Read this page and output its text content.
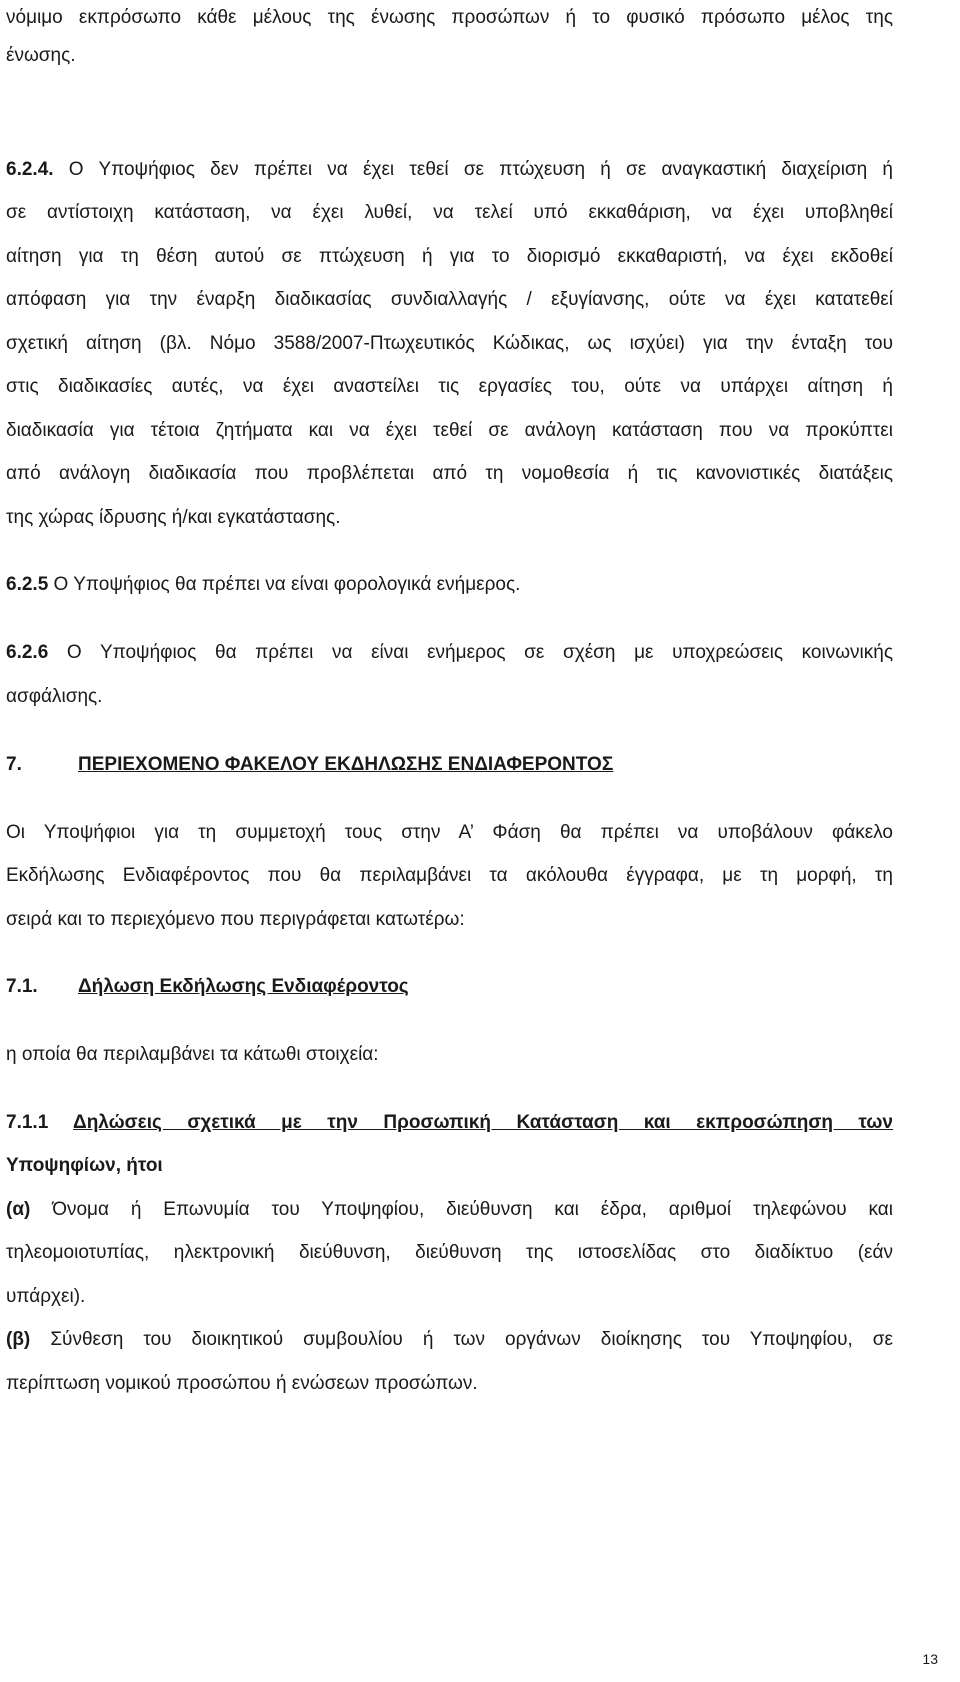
νόμιμο εκπρόσωπο κάθε μέλους της ένωσης προσώπων ή το φυσικό πρόσωπο μέλος της
ένωσης.
6.2.4. Ο Υποψήφιος δεν πρέπει να έχει τεθεί σε πτώχευση ή σε αναγκαστική διαχείριση ή
σε αντίστοιχη κατάσταση, να έχει λυθεί, να τελεί υπό εκκαθάριση, να έχει υποβληθεί
αίτηση για τη θέση αυτού σε πτώχευση ή για το διορισμό εκκαθαριστή, να έχει εκδοθεί
απόφαση για την έναρξη διαδικασίας συνδιαλλαγής / εξυγίανσης, ούτε να έχει κατατεθεί
σχετική αίτηση (βλ. Νόμο 3588/2007-Πτωχευτικός Κώδικας, ως ισχύει) για την ένταξη του
στις διαδικασίες αυτές, να έχει αναστείλει τις εργασίες του, ούτε να υπάρχει αίτηση ή
διαδικασία για τέτοια ζητήματα και να έχει τεθεί σε ανάλογη κατάσταση που να προκύπτει
από ανάλογη διαδικασία που προβλέπεται από τη νομοθεσία ή τις κανονιστικές διατάξεις
της χώρας ίδρυσης ή/και εγκατάστασης.
6.2.5 Ο Υποψήφιος θα πρέπει να είναι φορολογικά ενήμερος.
6.2.6 Ο Υποψήφιος θα πρέπει να είναι ενήμερος σε σχέση με υποχρεώσεις κοινωνικής
ασφάλισης.
7.	ΠΕΡΙΕΧΟΜΕΝΟ ΦΑΚΕΛΟΥ ΕΚΔΗΛΩΣΗΣ ΕΝΔΙΑΦΕΡΟΝΤΟΣ
Οι Υποψήφιοι για τη συμμετοχή τους στην Α’ Φάση θα πρέπει να υποβάλουν φάκελο
Εκδήλωσης Ενδιαφέροντος που θα περιλαμβάνει τα ακόλουθα έγγραφα, με τη μορφή, τη
σειρά και το περιεχόμενο που περιγράφεται κατωτέρω:
7.1. Δήλωση Εκδήλωσης Ενδιαφέροντος
η οποία θα περιλαμβάνει τα κάτωθι στοιχεία:
7.1.1 Δηλώσεις σχετικά με την Προσωπική Κατάσταση και εκπροσώπηση των
Υποψηφίων, ήτοι
(α) Όνομα ή Επωνυμία του Υποψηφίου, διεύθυνση και έδρα, αριθμοί τηλεφώνου και
τηλεομοιοτυπίας, ηλεκτρονική διεύθυνση, διεύθυνση της ιστοσελίδας στο διαδίκτυο (εάν
υπάρχει).
(β) Σύνθεση του διοικητικού συμβουλίου ή των οργάνων διοίκησης του Υποψηφίου, σε
περίπτωση νομικού προσώπου ή ενώσεων προσώπων.
13
